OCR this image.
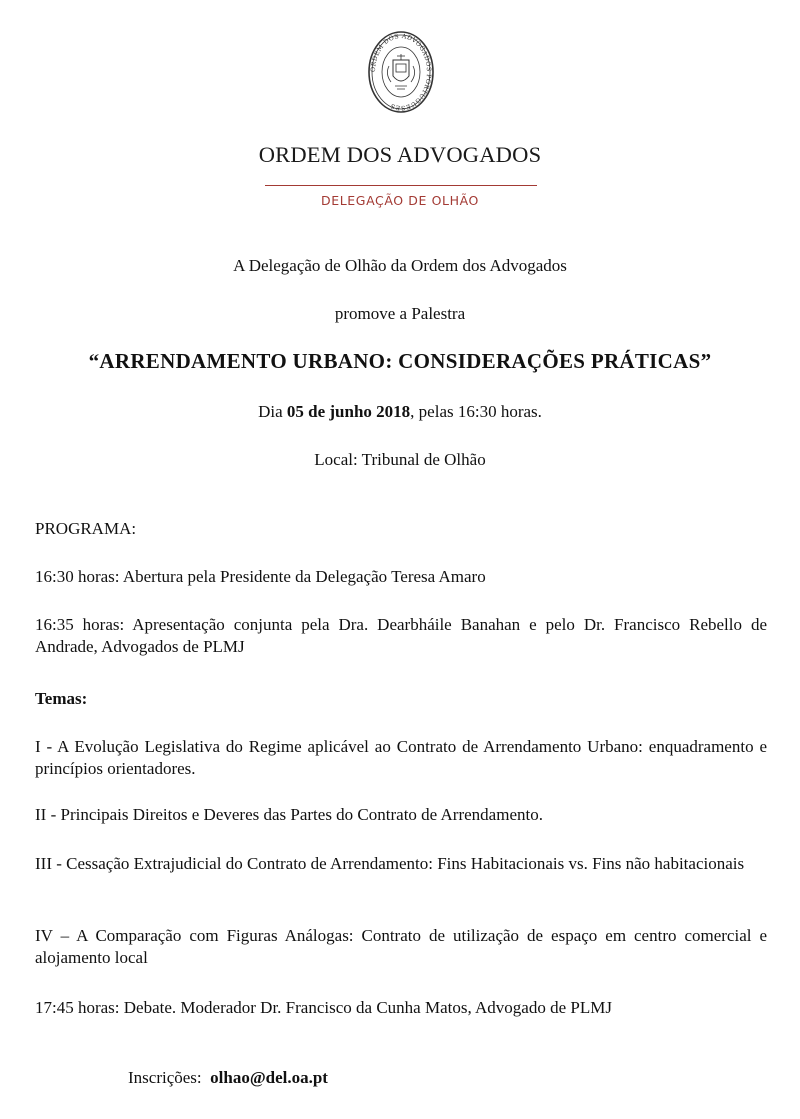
ORDEM DOS ADVOGADOS PORTUGUESES
ORDEM DOS ADVOGADOS
DELEGAÇÃO DE OLHÃO
A Delegação de Olhão da Ordem dos Advogados
promove a Palestra
“ARRENDAMENTO URBANO: CONSIDERAÇÕES PRÁTICAS”
Dia 05 de junho 2018, pelas 16:30 horas.
Local: Tribunal de Olhão
PROGRAMA:
16:30 horas: Abertura pela Presidente da Delegação Teresa Amaro
16:35 horas: Apresentação conjunta pela Dra. Dearbháile Banahan e pelo Dr. Francisco Rebello de Andrade, Advogados de PLMJ
Temas:
I - A Evolução Legislativa do Regime aplicável ao Contrato de Arrendamento Urbano: enquadramento e princípios orientadores.
II - Principais Direitos e Deveres das Partes do Contrato de Arrendamento.
III - Cessação Extrajudicial do Contrato de Arrendamento: Fins Habitacionais vs. Fins não habitacionais
IV – A Comparação com Figuras Análogas: Contrato de utilização de espaço em centro comercial e alojamento local
17:45 horas: Debate. Moderador Dr. Francisco da Cunha Matos, Advogado de PLMJ
Inscrições: olhao@del.oa.pt
